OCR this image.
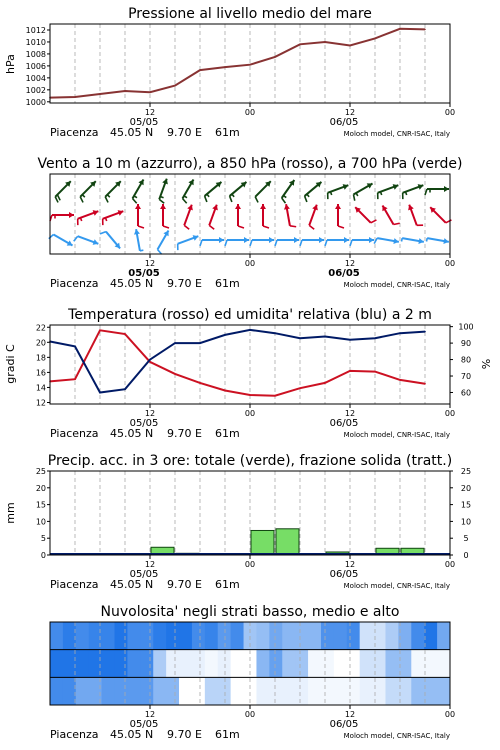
Pressione al livello medio del mare
1000
1002
1004
1006
1008
1010
1012
hPa
12	00	12	00
05/05	06/05
Piacenza 45.05 N 9.70 E 61m	Moloch model, CNR-ISAC, Italy
Vento a 10 m (azzurro), a 850 hPa (rosso), a 700 hPa (verde)
12	00	12	00
05/05	06/05
Piacenza 45.05 N 9.70 E 61m	Moloch model, CNR-ISAC, Italy
Temperatura (rosso) ed umidita' relativa (blu) a 2 m
12
14
16
18
20
22
60
70
80
90
100
gradi C	%
12	00	12	00
05/05	06/05
Piacenza 45.05 N 9.70 E 61m	Moloch model, CNR-ISAC, Italy
Precip. acc. in 3 ore: totale (verde), frazione solida (tratt.)
0
5
10
15
20
25
0
5
10
15
20
25
mm
12	00	12	00
05/05	06/05
Piacenza 45.05 N 9.70 E 61m	Moloch model, CNR-ISAC, Italy
Nuvolosita' negli strati basso, medio e alto
12	00	12	00
05/05	06/05
Piacenza 45.05 N 9.70 E 61m	Moloch model, CNR-ISAC, Italy
